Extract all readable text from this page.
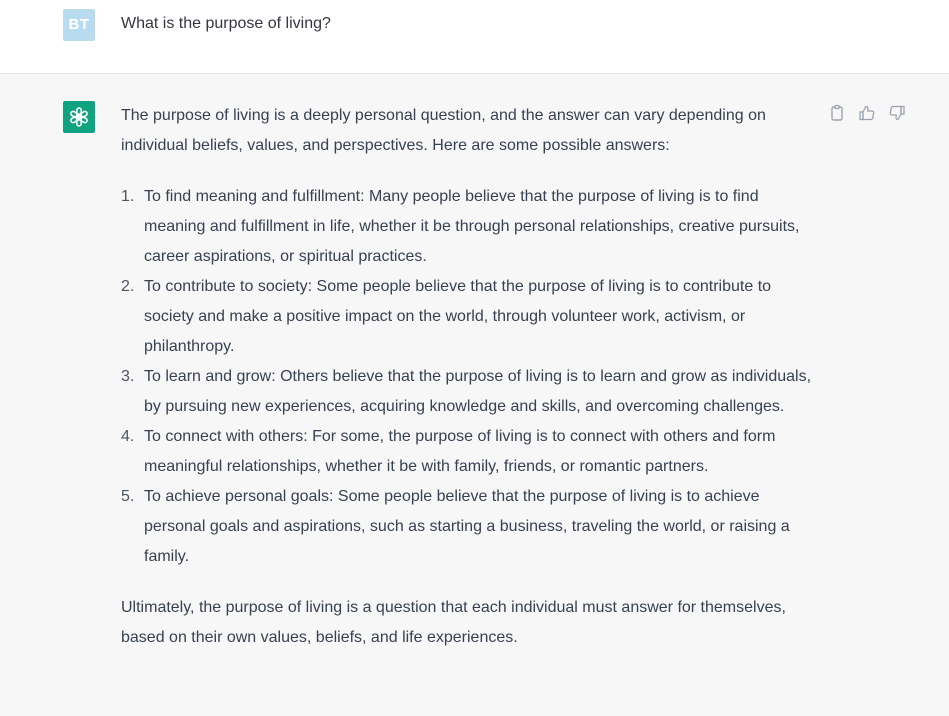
BT	What is the purpose of living?

The purpose of living is a deeply personal question, and the answer can vary depending on individual beliefs, values, and perspectives. Here are some possible answers:

1. To find meaning and fulfillment: Many people believe that the purpose of living is to find meaning and fulfillment in life, whether it be through personal relationships, creative pursuits, career aspirations, or spiritual practices.
2. To contribute to society: Some people believe that the purpose of living is to contribute to society and make a positive impact on the world, through volunteer work, activism, or philanthropy.
3. To learn and grow: Others believe that the purpose of living is to learn and grow as individuals, by pursuing new experiences, acquiring knowledge and skills, and overcoming challenges.
4. To connect with others: For some, the purpose of living is to connect with others and form meaningful relationships, whether it be with family, friends, or romantic partners.
5. To achieve personal goals: Some people believe that the purpose of living is to achieve personal goals and aspirations, such as starting a business, traveling the world, or raising a family.

Ultimately, the purpose of living is a question that each individual must answer for themselves, based on their own values, beliefs, and life experiences.
